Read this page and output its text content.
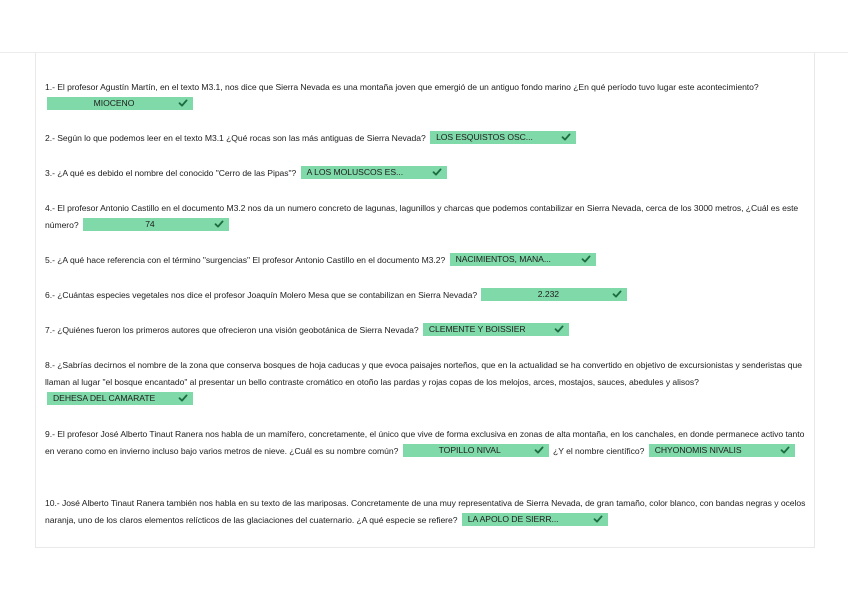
1.- El profesor Agustín Martín, en el texto M3.1, nos dice que Sierra Nevada es una montaña joven que emergió de un antiguo fondo marino ¿En qué período tuvo lugar este acontecimiento? MIOCENO

2.- Según lo que podemos leer en el texto M3.1 ¿Qué rocas son las más antiguas de Sierra Nevada? LOS ESQUISTOS OSC...

3.- ¿A qué es debido el nombre del conocido "Cerro de las Pipas"? A LOS MOLUSCOS ES...

4.- El profesor Antonio Castillo en el documento M3.2 nos da un numero concreto de lagunas, lagunillos y charcas que podemos contabilizar en Sierra Nevada, cerca de los 3000 metros, ¿Cuál es este número?	74

5.- ¿A qué hace referencia con el término "surgencias" El profesor Antonio Castillo en el documento M3.2? NACIMIENTOS, MANA...

6.- ¿Cuántas especies vegetales nos dice el profesor Joaquín Molero Mesa que se contabilizan en Sierra Nevada?	2.232

7.- ¿Quiénes fueron los primeros autores que ofrecieron una visión geobotánica de Sierra Nevada? CLEMENTE Y BOISSIER

8.- ¿Sabrías decirnos el nombre de la zona que conserva bosques de hoja caducas y que evoca paisajes norteños, que en la actualidad se ha convertido en objetivo de excursionistas y senderistas que llaman al lugar "el bosque encantado" al presentar un bello contraste cromático en otoño las pardas y rojas copas de los melojos, arces, mostajos, sauces, abedules y alisos? DEHESA DEL CAMARATE

9.- El profesor José Alberto Tinaut Ranera nos habla de un mamífero, concretamente, el único que vive de forma exclusiva en zonas de alta montaña, en los canchales, en donde permanece activo tanto en verano como en invierno incluso bajo varios metros de nieve. ¿Cuál es su nombre común?	TOPILLO NIVAL	¿Y el nombre científico? CHYONOMIS NIVALIS

10.- José Alberto Tinaut Ranera también nos habla en su texto de las mariposas. Concretamente de una muy representativa de Sierra Nevada, de gran tamaño, color blanco, con bandas negras y ocelos naranja, uno de los claros elementos relícticos de las glaciaciones del cuaternario. ¿A qué especie se refiere? LA APOLO DE SIERR...
